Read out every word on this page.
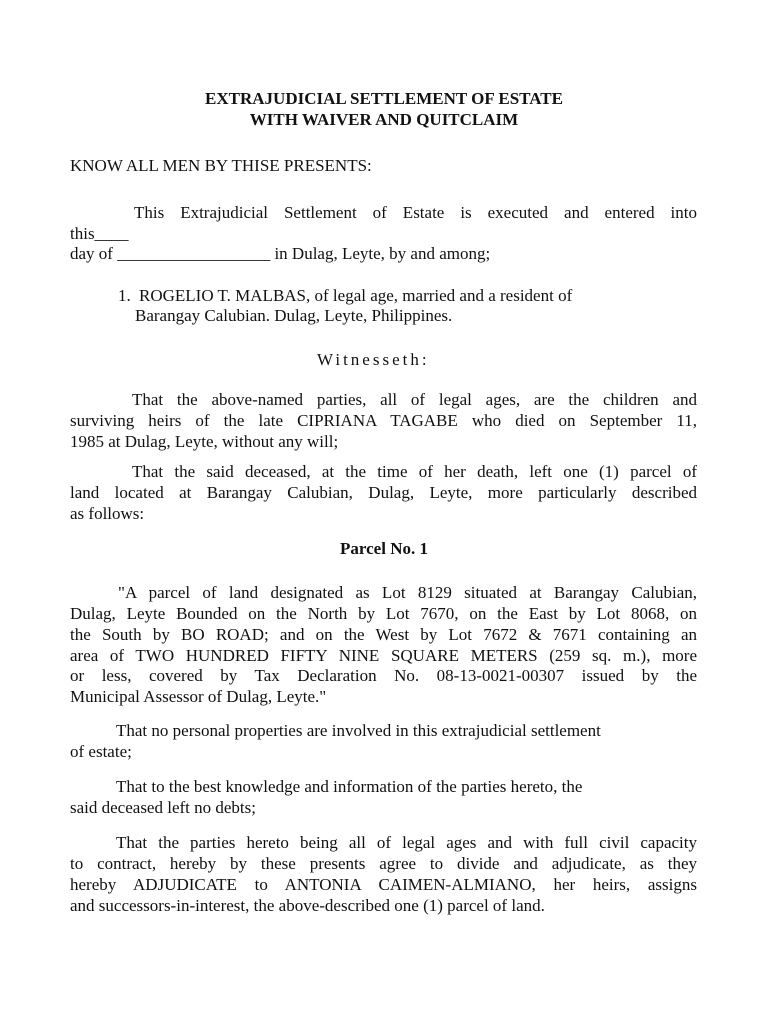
EXTRAJUDICIAL SETTLEMENT OF ESTATE

WITH WAIVER AND QUITCLAIM

KNOW ALL MEN BY THISE PRESENTS:

This Extrajudicial Settlement of Estate is executed and entered into

this____

day of __________________ in Dulag, Leyte, by and among;

1. ROGELIO T. MALBAS, of legal age, married and a resident of

Barangay Calubian. Dulag, Leyte, Philippines.

Witnesseth:

That the above-named parties, all of legal ages, are the children and

surviving heirs of the late CIPRIANA TAGABE who died on September 11,

1985 at Dulag, Leyte, without any will;

That the said deceased, at the time of her death, left one (1) parcel of

land located at Barangay Calubian, Dulag, Leyte, more particularly described

as follows:

Parcel No. 1

"A parcel of land designated as Lot 8129 situated at Barangay Calubian,

Dulag, Leyte Bounded on the North by Lot 7670, on the East by Lot 8068, on

the South by BO ROAD; and on the West by Lot 7672 & 7671 containing an

area of TWO HUNDRED FIFTY NINE SQUARE METERS (259 sq. m.), more

or less, covered by Tax Declaration No. 08-13-0021-00307 issued by the

Municipal Assessor of Dulag, Leyte."

That no personal properties are involved in this extrajudicial settlement

of estate;

That to the best knowledge and information of the parties hereto, the

said deceased left no debts;

That the parties hereto being all of legal ages and with full civil capacity

to contract, hereby by these presents agree to divide and adjudicate, as they

hereby ADJUDICATE to ANTONIA CAIMEN-ALMIANO, her heirs, assigns

and successors-in-interest, the above-described one (1) parcel of land.
